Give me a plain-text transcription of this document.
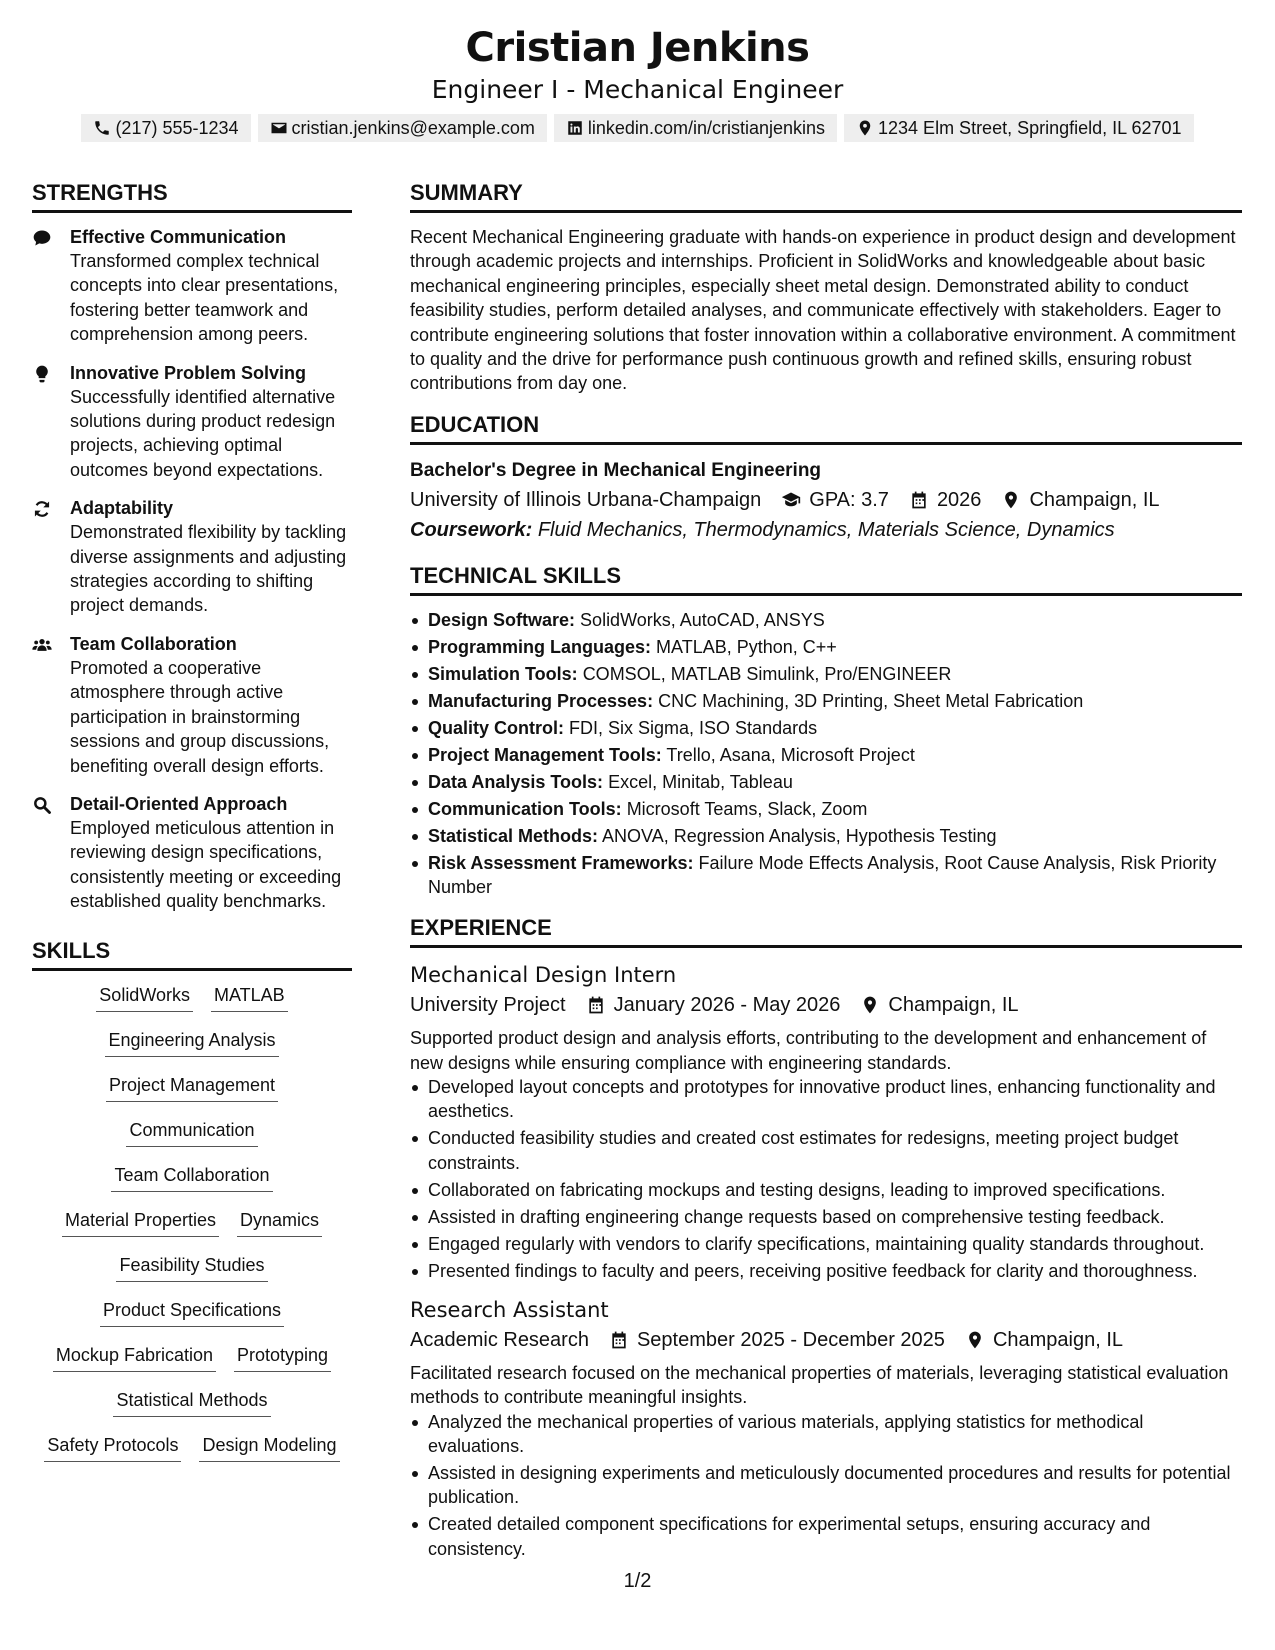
Cristian Jenkins
Engineer I - Mechanical Engineer
(217) 555-1234	cristian.jenkins@example.com	linkedin.com/in/cristianjenkins	1234 Elm Street, Springfield, IL 62701
STRENGTHS
Effective Communication
Transformed complex technical concepts into clear presentations, fostering better teamwork and comprehension among peers.
Innovative Problem Solving
Successfully identified alternative solutions during product redesign projects, achieving optimal outcomes beyond expectations.
Adaptability
Demonstrated flexibility by tackling diverse assignments and adjusting strategies according to shifting project demands.
Team Collaboration
Promoted a cooperative atmosphere through active participation in brainstorming sessions and group discussions, benefiting overall design efforts.
Detail-Oriented Approach
Employed meticulous attention in reviewing design specifications, consistently meeting or exceeding established quality benchmarks.
SKILLS
SolidWorks MATLAB
Engineering Analysis
Project Management
Communication
Team Collaboration
Material Properties Dynamics
Feasibility Studies
Product Specifications
Mockup Fabrication Prototyping
Statistical Methods
Safety Protocols Design Modeling
SUMMARY
Recent Mechanical Engineering graduate with hands-on experience in product design and development through academic projects and internships. Proficient in SolidWorks and knowledgeable about basic mechanical engineering principles, especially sheet metal design. Demonstrated ability to conduct feasibility studies, perform detailed analyses, and communicate effectively with stakeholders. Eager to contribute engineering solutions that foster innovation within a collaborative environment. A commitment to quality and the drive for performance push continuous growth and refined skills, ensuring robust contributions from day one.
EDUCATION
Bachelor's Degree in Mechanical Engineering
University of Illinois Urbana-Champaign GPA: 3.7 2026 Champaign, IL
Coursework: Fluid Mechanics, Thermodynamics, Materials Science, Dynamics
TECHNICAL SKILLS
Design Software: SolidWorks, AutoCAD, ANSYS
Programming Languages: MATLAB, Python, C++
Simulation Tools: COMSOL, MATLAB Simulink, Pro/ENGINEER
Manufacturing Processes: CNC Machining, 3D Printing, Sheet Metal Fabrication
Quality Control: FDI, Six Sigma, ISO Standards
Project Management Tools: Trello, Asana, Microsoft Project
Data Analysis Tools: Excel, Minitab, Tableau
Communication Tools: Microsoft Teams, Slack, Zoom
Statistical Methods: ANOVA, Regression Analysis, Hypothesis Testing
Risk Assessment Frameworks: Failure Mode Effects Analysis, Root Cause Analysis, Risk Priority Number
EXPERIENCE
Mechanical Design Intern
University Project January 2026 - May 2026 Champaign, IL
Supported product design and analysis efforts, contributing to the development and enhancement of new designs while ensuring compliance with engineering standards.
Developed layout concepts and prototypes for innovative product lines, enhancing functionality and aesthetics.
Conducted feasibility studies and created cost estimates for redesigns, meeting project budget constraints.
Collaborated on fabricating mockups and testing designs, leading to improved specifications.
Assisted in drafting engineering change requests based on comprehensive testing feedback.
Engaged regularly with vendors to clarify specifications, maintaining quality standards throughout.
Presented findings to faculty and peers, receiving positive feedback for clarity and thoroughness.
Research Assistant
Academic Research September 2025 - December 2025 Champaign, IL
Facilitated research focused on the mechanical properties of materials, leveraging statistical evaluation methods to contribute meaningful insights.
Analyzed the mechanical properties of various materials, applying statistics for methodical evaluations.
Assisted in designing experiments and meticulously documented procedures and results for potential publication.
Created detailed component specifications for experimental setups, ensuring accuracy and consistency.
1/2
